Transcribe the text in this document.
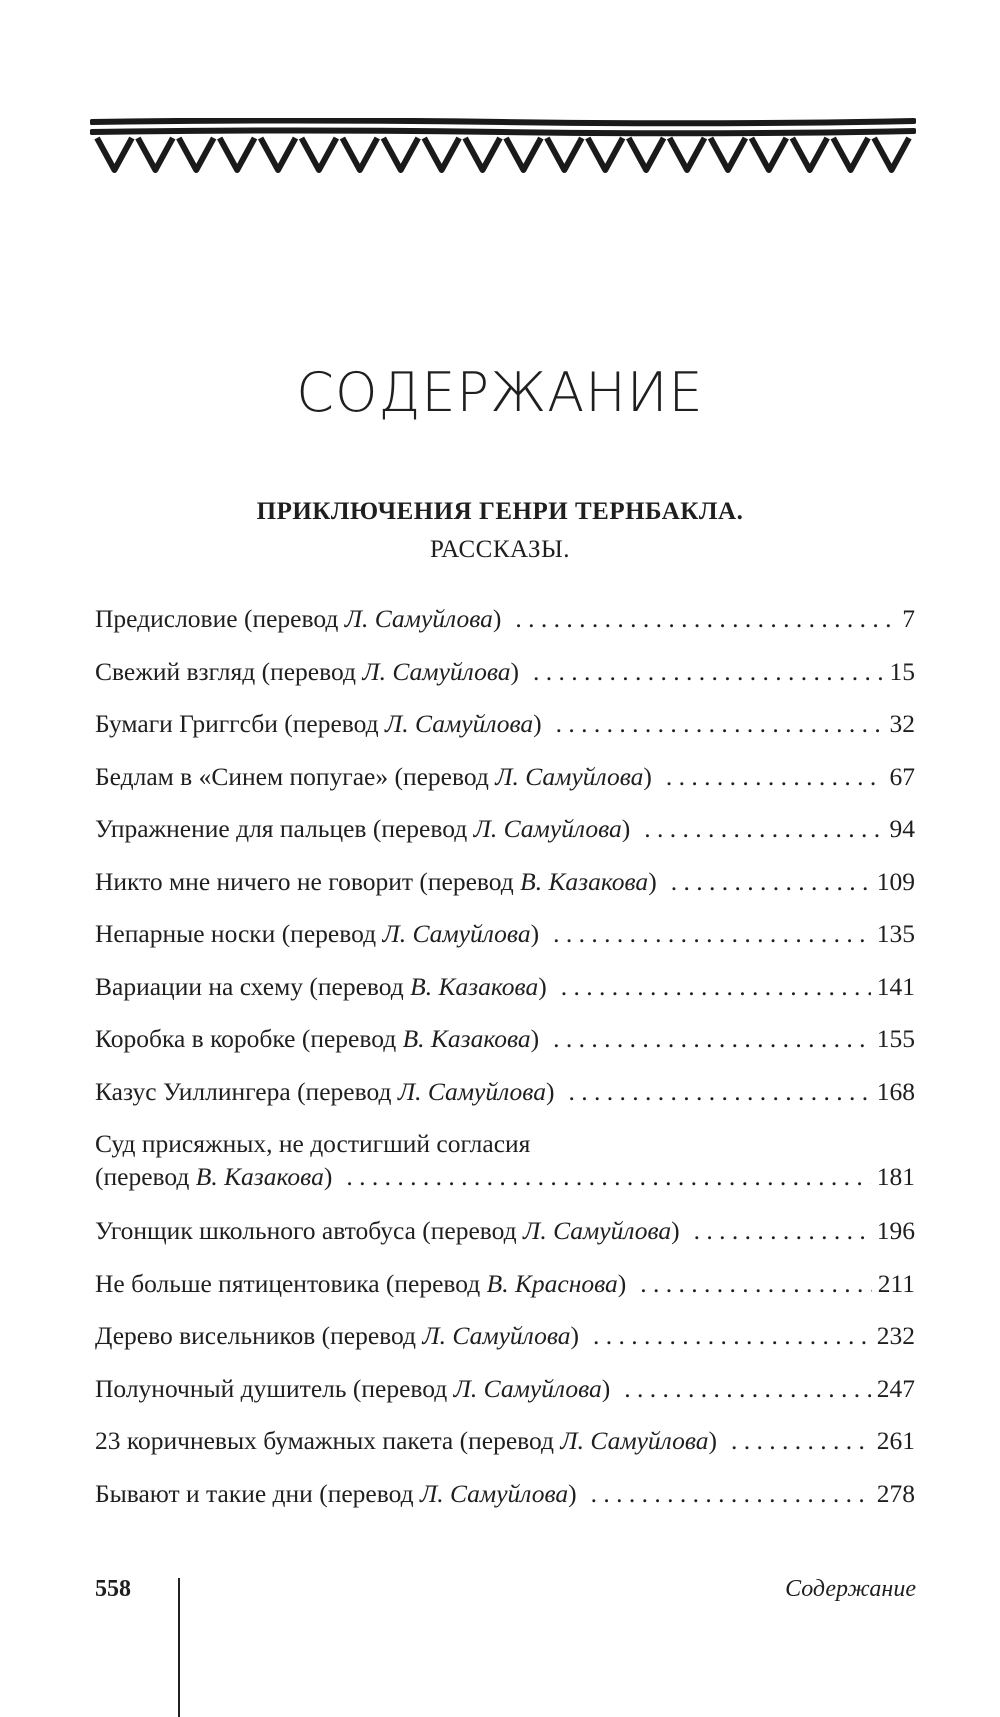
СОДЕРЖАНИЕ
ПРИКЛЮЧЕНИЯ ГЕНРИ ТЕРНБАКЛА.
РАССКАЗЫ.
Предисловие (перевод Л. Самуйлова) . . .	7
Свежий взгляд (перевод Л. Самуйлова) . . .	15
Бумаги Григгсби (перевод Л. Самуйлова) . . .	32
Бедлам в «Синем попугае» (перевод Л. Самуйлова) . . .	67
Упражнение для пальцев (перевод Л. Самуйлова) . . .	94
Никто мне ничего не говорит (перевод В. Казакова) . . .	109
Непарные носки (перевод Л. Самуйлова) . . .	135
Вариации на схему (перевод В. Казакова) . . .	141
Коробка в коробке (перевод В. Казакова) . . .	155
Казус Уиллингера (перевод Л. Самуйлова) . . .	168
Суд присяжных, не достигший согласия
(перевод В. Казакова) . . .	181
Угонщик школьного автобуса (перевод Л. Самуйлова) . . .	196
Не больше пятицентовика (перевод В. Краснова) . . .	211
Дерево висельников (перевод Л. Самуйлова) . . .	232
Полуночный душитель (перевод Л. Самуйлова) . . .	247
23 коричневых бумажных пакета (перевод Л. Самуйлова) . . .	261
Бывают и такие дни (перевод Л. Самуйлова) . . .	278
558	Содержание
